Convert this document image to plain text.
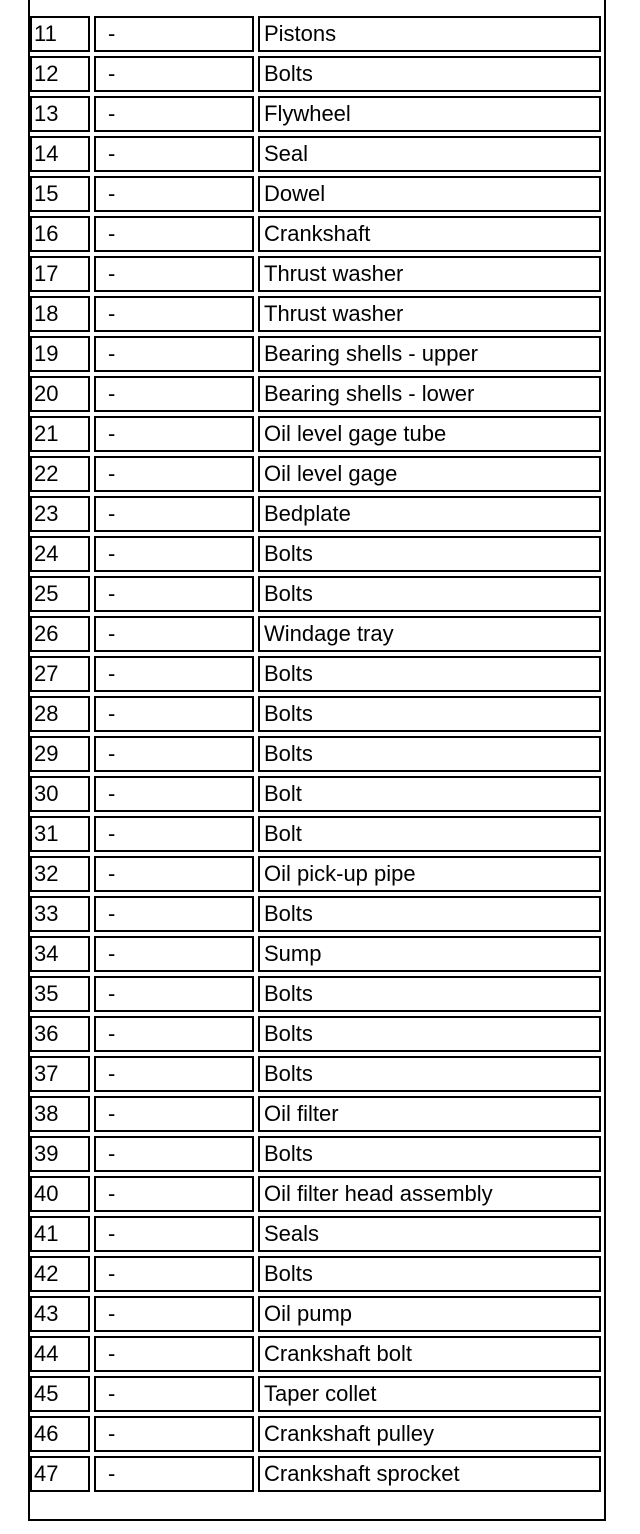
11	-	Pistons
12	-	Bolts
13	-	Flywheel
14	-	Seal
15	-	Dowel
16	-	Crankshaft
17	-	Thrust washer
18	-	Thrust washer
19	-	Bearing shells - upper
20	-	Bearing shells - lower
21	-	Oil level gage tube
22	-	Oil level gage
23	-	Bedplate
24	-	Bolts
25	-	Bolts
26	-	Windage tray
27	-	Bolts
28	-	Bolts
29	-	Bolts
30	-	Bolt
31	-	Bolt
32	-	Oil pick-up pipe
33	-	Bolts
34	-	Sump
35	-	Bolts
36	-	Bolts
37	-	Bolts
38	-	Oil filter
39	-	Bolts
40	-	Oil filter head assembly
41	-	Seals
42	-	Bolts
43	-	Oil pump
44	-	Crankshaft bolt
45	-	Taper collet
46	-	Crankshaft pulley
47	-	Crankshaft sprocket
